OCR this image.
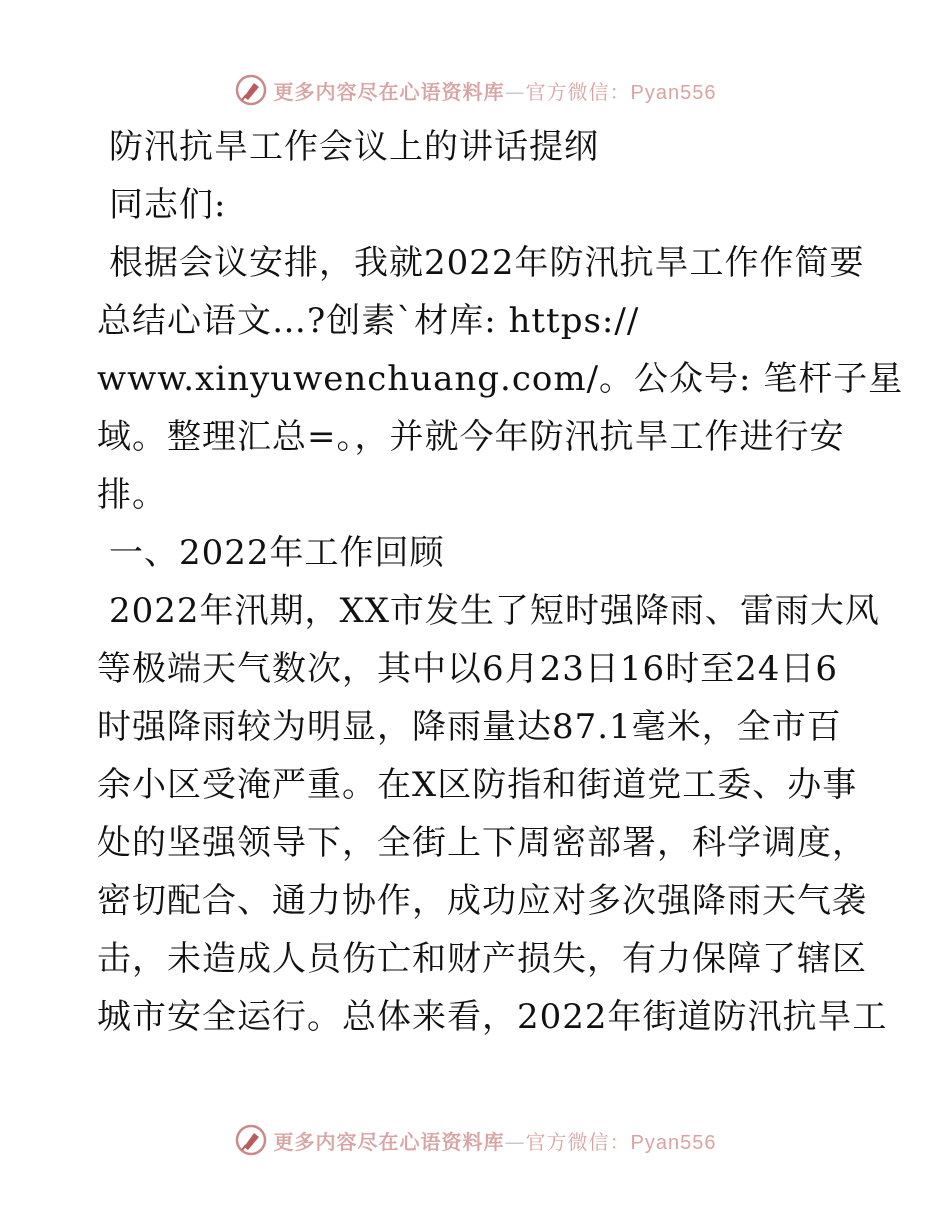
更多内容尽在心语资料库—官方微信：Pyan556
防汛抗旱工作会议上的讲话提纲
同志们:
根据会议安排，我就2022年防汛抗旱工作作简要
总结心语文…?创素`材库: https://
www.xinyuwenchuang.com/。公众号: 笔杆子星
域。整理汇总=。，并就今年防汛抗旱工作进行安
排。
一、2022年工作回顾
2022年汛期，XX市发生了短时强降雨、雷雨大风
等极端天气数次，其中以6月23日16时至24日6
时强降雨较为明显，降雨量达87.1毫米，全市百
余小区受淹严重。在X区防指和街道党工委、办事
处的坚强领导下，全街上下周密部署，科学调度，
密切配合、通力协作，成功应对多次强降雨天气袭
击，未造成人员伤亡和财产损失，有力保障了辖区
城市安全运行。总体来看，2022年街道防汛抗旱工
更多内容尽在心语资料库—官方微信：Pyan556
